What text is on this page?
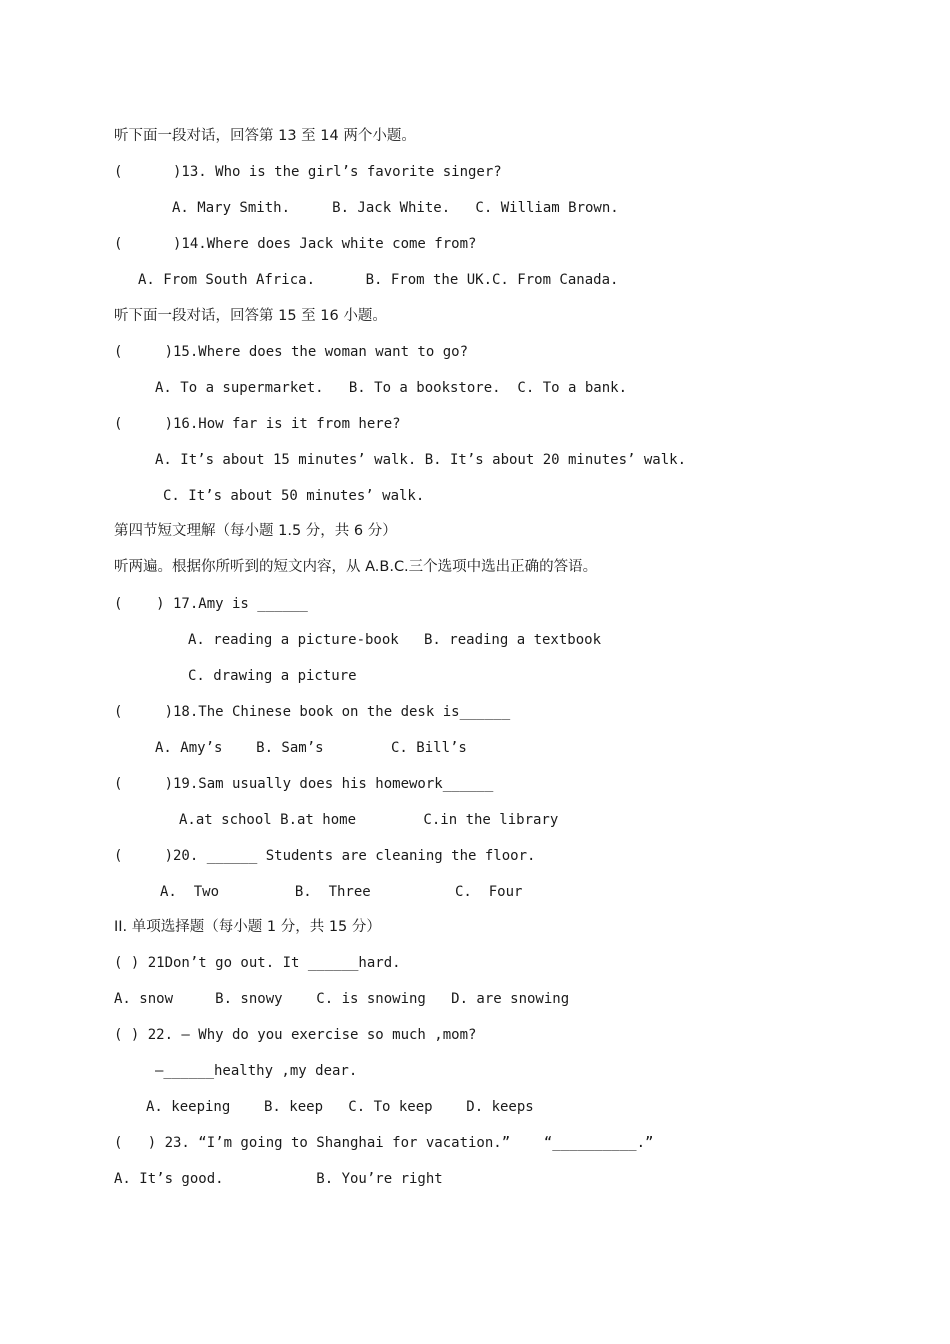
听下面一段对话，回答第 13 至 14 两个小题。
(      )13. Who is the girl’s favorite singer?
A. Mary Smith.     B. Jack White.   C. William Brown.
(      )14.Where does Jack white come from?
A. From South Africa.      B. From the UK.C. From Canada.
听下面一段对话，回答第 15 至 16 小题。
(     )15.Where does the woman want to go?
A. To a supermarket.   B. To a bookstore.  C. To a bank.
(     )16.How far is it from here?
A. It’s about 15 minutes’ walk. B. It’s about 20 minutes’ walk.
C. It’s about 50 minutes’ walk.
第四节短文理解（每小题 1.5 分，共 6 分）
听两遍。根据你所听到的短文内容，从 A.B.C.三个选项中选出正确的答语。
(    ) 17.Amy is ______
A. reading a picture-book   B. reading a textbook
C. drawing a picture
(     )18.The Chinese book on the desk is______
A. Amy’s    B. Sam’s        C. Bill’s
(     )19.Sam usually does his homework______
A.at school B.at home        C.in the library
(     )20. ______ Students are cleaning the floor.
A.  Two         B.  Three          C.  Four
II. 单项选择题（每小题 1 分，共 15 分）
( ) 21Don’t go out. It ______hard.
A. snow     B. snowy    C. is snowing   D. are snowing
( ) 22. — Why do you exercise so much ,mom?
—______healthy ,my dear.
A. keeping    B. keep   C. To keep    D. keeps
(   ) 23. “I’m going to Shanghai for vacation.”    “__________.”
A. It’s good.           B. You’re right
